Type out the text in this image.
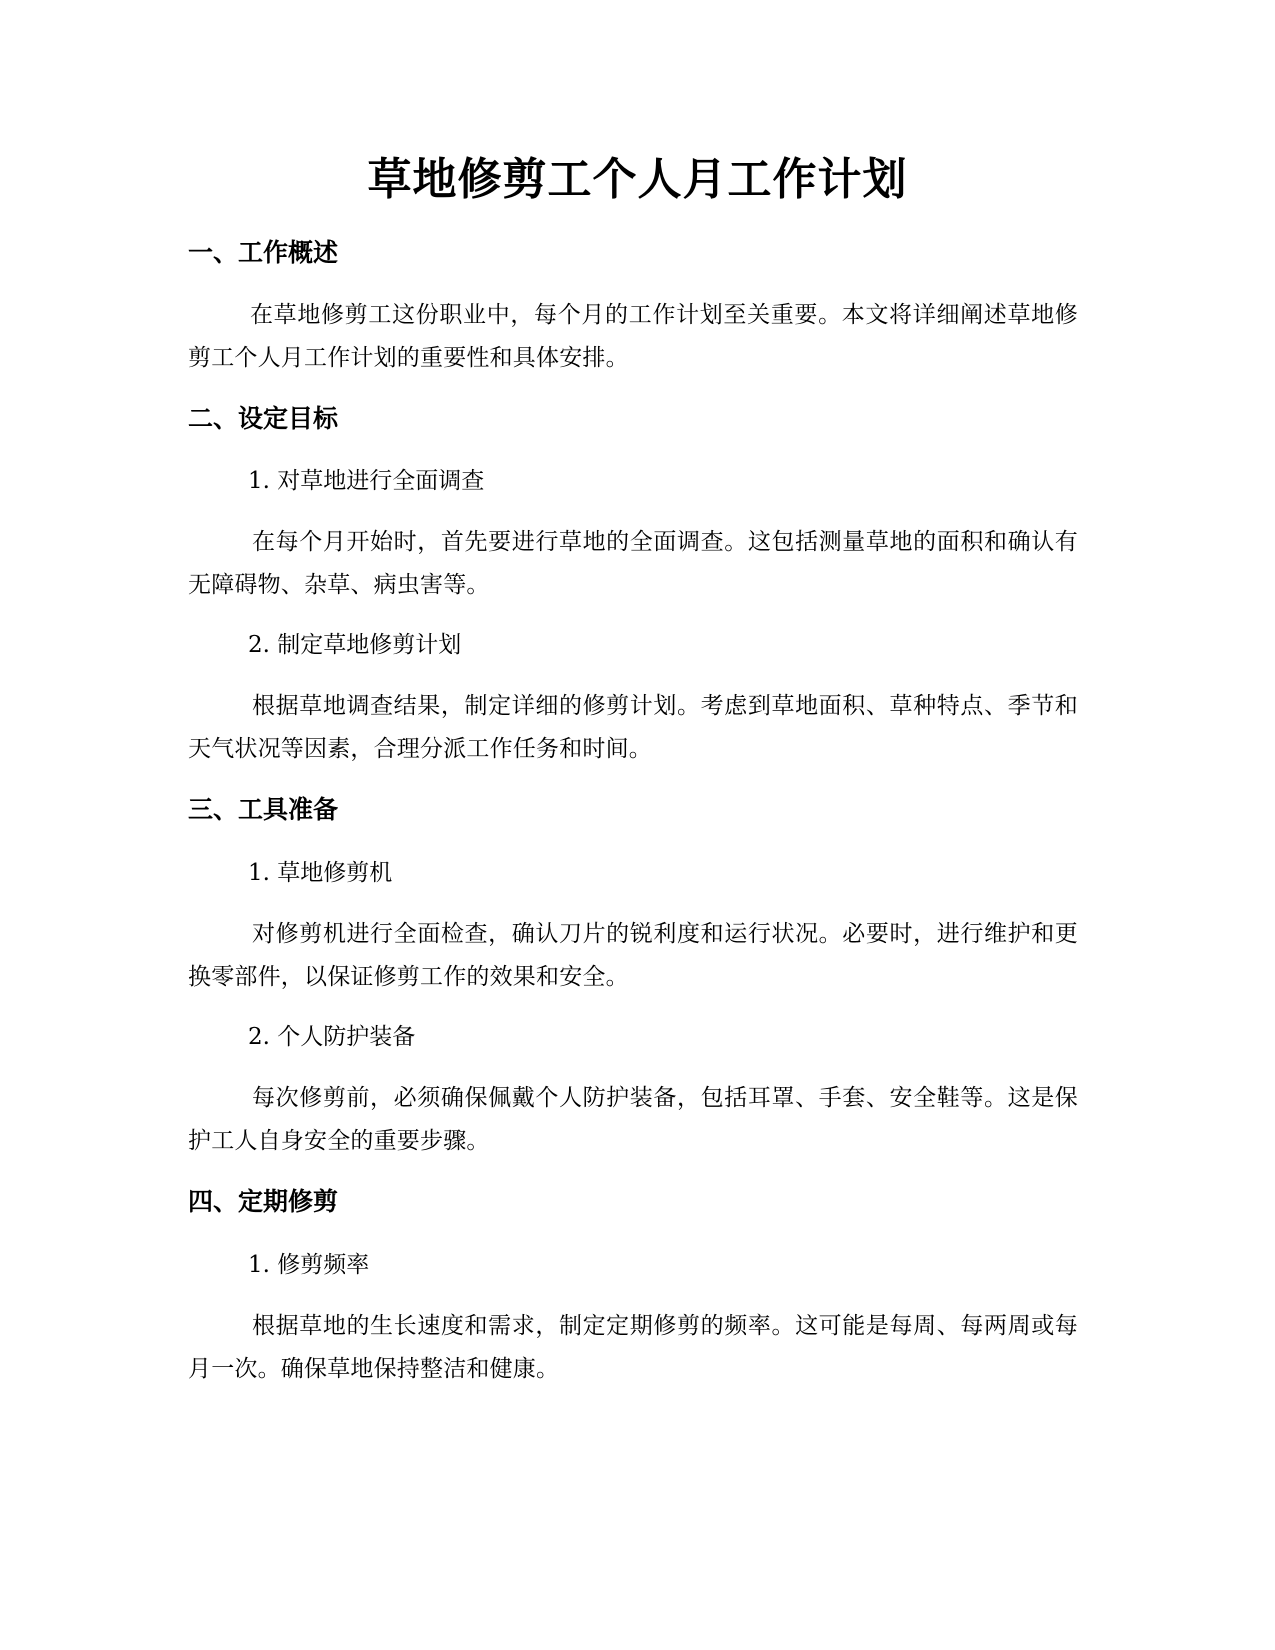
草地修剪工个人月工作计划
一、工作概述

在草地修剪工这份职业中，每个月的工作计划至关重要。本文将详细阐述草地修剪工个人月工作计划的重要性和具体安排。

二、设定目标

1. 对草地进行全面调查

在每个月开始时，首先要进行草地的全面调查。这包括测量草地的面积和确认有无障碍物、杂草、病虫害等。

2. 制定草地修剪计划

根据草地调查结果，制定详细的修剪计划。考虑到草地面积、草种特点、季节和天气状况等因素，合理分派工作任务和时间。

三、工具准备

1. 草地修剪机

对修剪机进行全面检查，确认刀片的锐利度和运行状况。必要时，进行维护和更换零部件，以保证修剪工作的效果和安全。

2. 个人防护装备

每次修剪前，必须确保佩戴个人防护装备，包括耳罩、手套、安全鞋等。这是保护工人自身安全的重要步骤。

四、定期修剪

1. 修剪频率

根据草地的生长速度和需求，制定定期修剪的频率。这可能是每周、每两周或每月一次。确保草地保持整洁和健康。
